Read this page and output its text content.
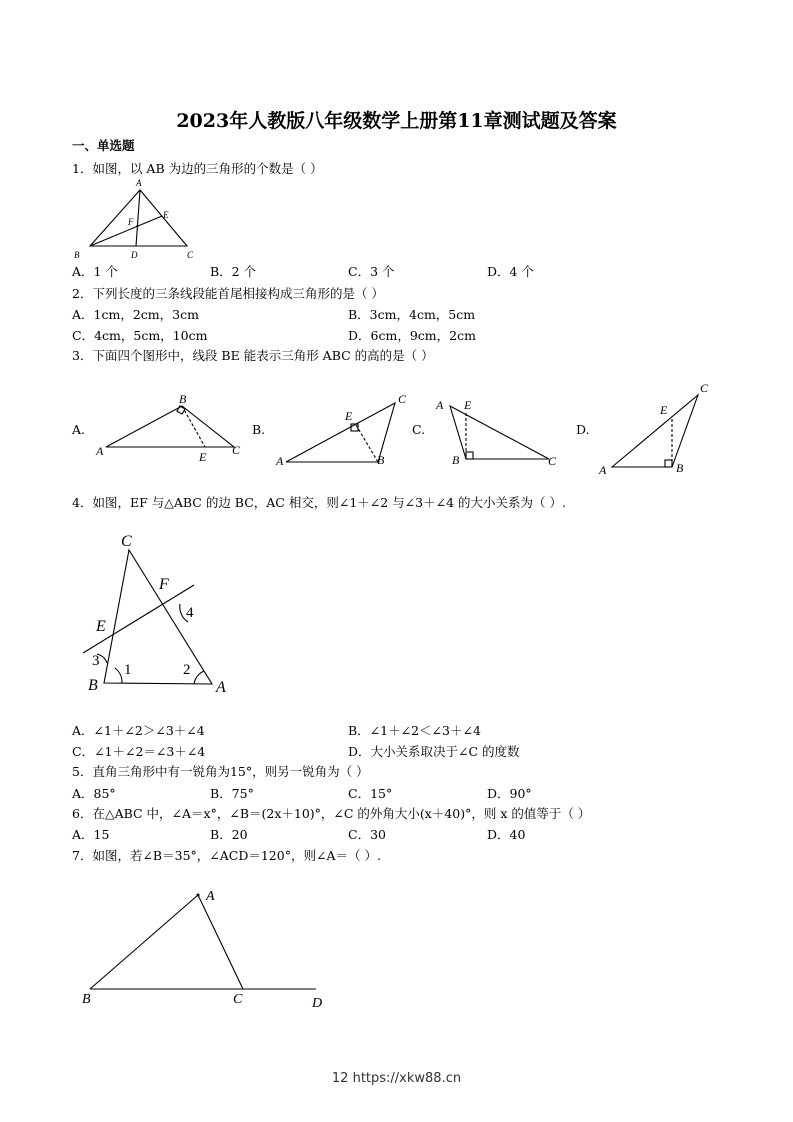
2023年人教版八年级数学上册第11章测试题及答案
一、单选题
1．如图，以 AB 为边的三角形的个数是（ ）
A
B	C
D
E
F
A．1 个	B．2 个	C．3 个	D．4 个
2．下列长度的三条线段能首尾相接构成三角形的是（ ）
A．1cm，2cm，3cm	B．3cm，4cm，5cm
C．4cm，5cm，10cm	D．6cm，9cm，2cm
3．下面四个图形中，线段 BE 能表示三角形 ABC 的高的是（ ）
A.	B.	C.	D.
A
B
C
E	A	B
C
E
A
B	C
E
A	B
C
E
4．如图，EF 与△ABC 的边 BC，AC 相交，则∠1＋∠2 与∠3＋∠4 的大小关系为（ ）.
C
B	A
E
F
1	2
3
4
A．∠1＋∠2＞∠3＋∠4	B．∠1＋∠2＜∠3＋∠4
C．∠1＋∠2＝∠3＋∠4	D．大小关系取决于∠C 的度数
5．直角三角形中有一锐角为15°，则另一锐角为（ ）
A．85°	B．75°	C．15°	D．90°
6．在△ABC 中，∠A＝x°，∠B＝(2x＋10)°，∠C 的外角大小(x＋40)°，则 x 的值等于（ ）
A．15	B．20	C．30	D．40
7．如图，若∠B＝35°，∠ACD＝120°，则∠A＝（ ）.
A
B	C	D
12 https://xkw88.cn
